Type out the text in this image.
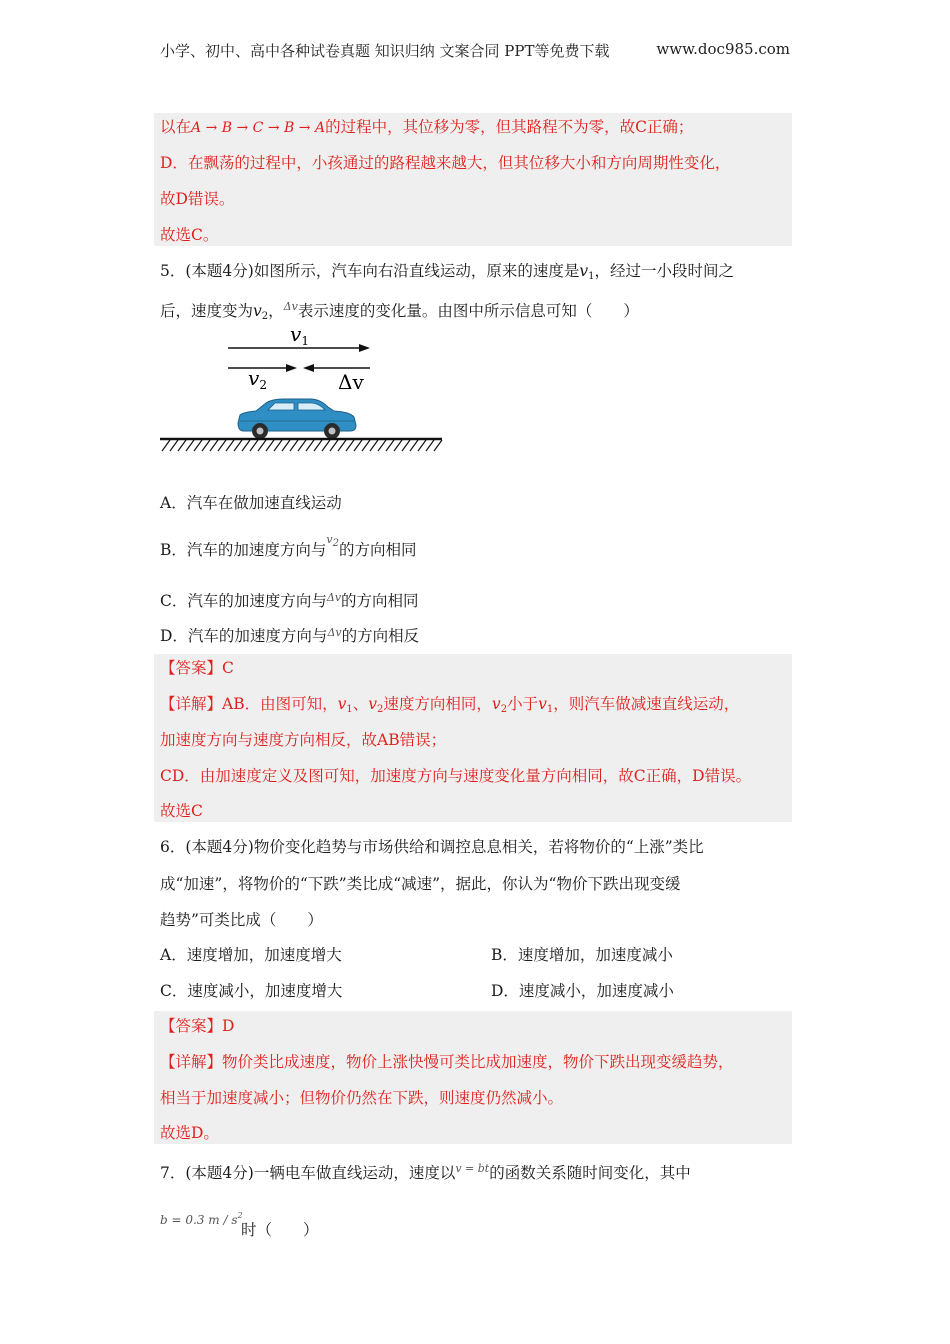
小学、初中、高中各种试卷真题 知识归纳 文案合同 PPT等免费下载	www.doc985.com
以在A → B → C → B → A的过程中，其位移为零，但其路程不为零，故C正确；
D．在飘荡的过程中，小孩通过的路程越来越大，但其位移大小和方向周期性变化，
故D错误。
故选C。
5．(本题4分)如图所示，汽车向右沿直线运动，原来的速度是$v_1$，经过一小段时间之
后，速度变为$v_2$，$^{\Delta v}$表示速度的变化量。由图中所示信息可知（　　）
$v_1$
$v_2$	Δv
A．汽车在做加速直线运动
B．汽车的加速度方向与$^{v_2}$的方向相同
C．汽车的加速度方向与$^{\Delta v}$的方向相同
D．汽车的加速度方向与$^{\Delta v}$的方向相反
【答案】C
【详解】AB．由图可知，$v_1$、$v_2$速度方向相同，$v_2$小于$v_1$，则汽车做减速直线运动，
加速度方向与速度方向相反，故AB错误；
CD．由加速度定义及图可知，加速度方向与速度变化量方向相同，故C正确，D错误。
故选C
6．(本题4分)物价变化趋势与市场供给和调控息息相关，若将物价的“上涨”类比
成“加速”，将物价的“下跌”类比成“减速”，据此，你认为“物价下跌出现变缓
趋势”可类比成（　　）
A．速度增加，加速度增大	B．速度增加，加速度减小
C．速度减小，加速度增大	D．速度减小，加速度减小
【答案】D
【详解】物价类比成速度，物价上涨快慢可类比成加速度，物价下跌出现变缓趋势，
相当于加速度减小；但物价仍然在下跌，则速度仍然减小。
故选D。
7．(本题4分)一辆电车做直线运动，速度以$^{v = bt}$的函数关系随时间变化，其中
b = 0.3 m / $s^2$
时（　　）
